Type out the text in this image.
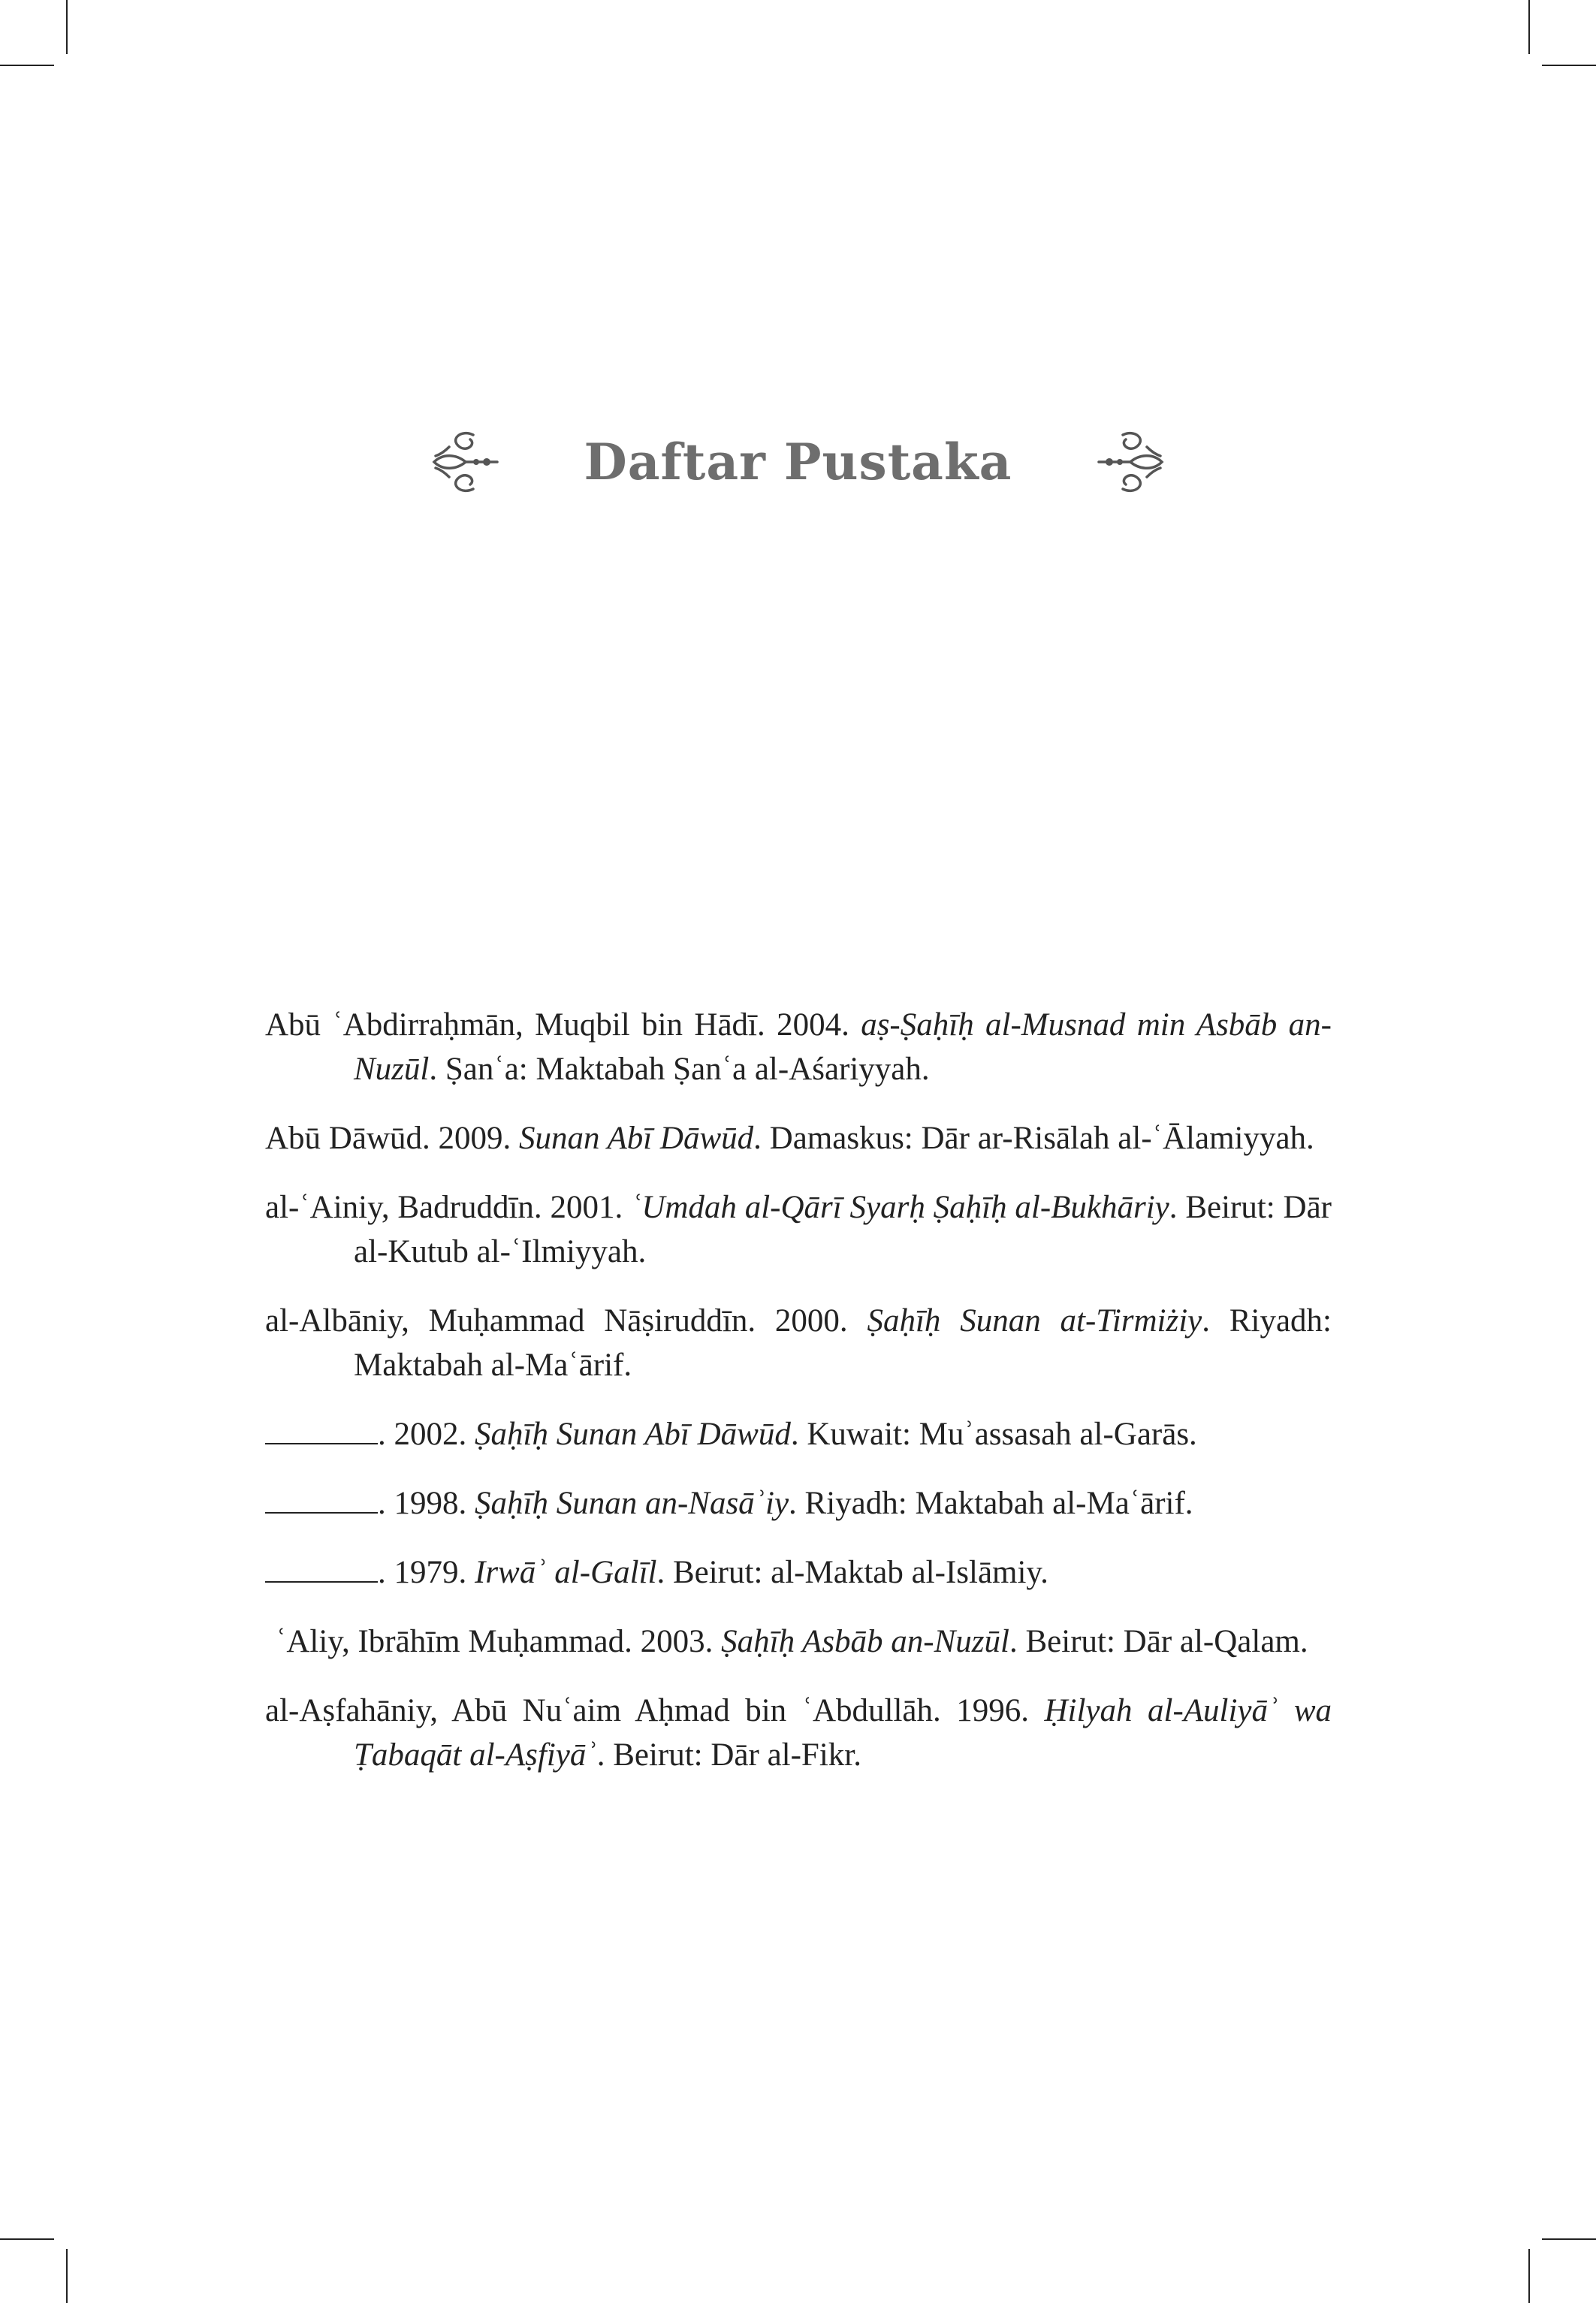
Daftar Pustaka

Abū ʿAbdirraḥmān, Muqbil bin Hādī. 2004. aṣ-Ṣaḥīḥ al-Musnad min Asbāb an-Nuzūl. Ṣanʿa: Maktabah Ṣanʿa al-Aśariyyah.

Abū Dāwūd. 2009. Sunan Abī Dāwūd. Damaskus: Dār ar-Risālah al-ʿĀlamiyyah.

al-ʿAiniy, Badruddīn. 2001. ʿUmdah al-Qārī Syarḥ Ṣaḥīḥ al-Bukhāriy. Beirut: Dār al-Kutub al-ʿIlmiyyah.

al-Albāniy, Muḥammad Nāṣiruddīn. 2000. Ṣaḥīḥ Sunan at-Tirmiżiy. Riyadh: Maktabah al-Maʿārif.

. 2002. Ṣaḥīḥ Sunan Abī Dāwūd. Kuwait: Muʾassasah al-Garās.

. 1998. Ṣaḥīḥ Sunan an-Nasāʾiy. Riyadh: Maktabah al-Maʿārif.

. 1979. Irwāʾ al-Galīl. Beirut: al-Maktab al-Islāmiy.

ʿAliy, Ibrāhīm Muḥammad. 2003. Ṣaḥīḥ Asbāb an-Nuzūl. Beirut: Dār al-Qalam.

al-Aṣfahāniy, Abū Nuʿaim Aḥmad bin ʿAbdullāh. 1996. Ḥilyah al-Auliyāʾ wa Ṭabaqāt al-Aṣfiyāʾ. Beirut: Dār al-Fikr.
